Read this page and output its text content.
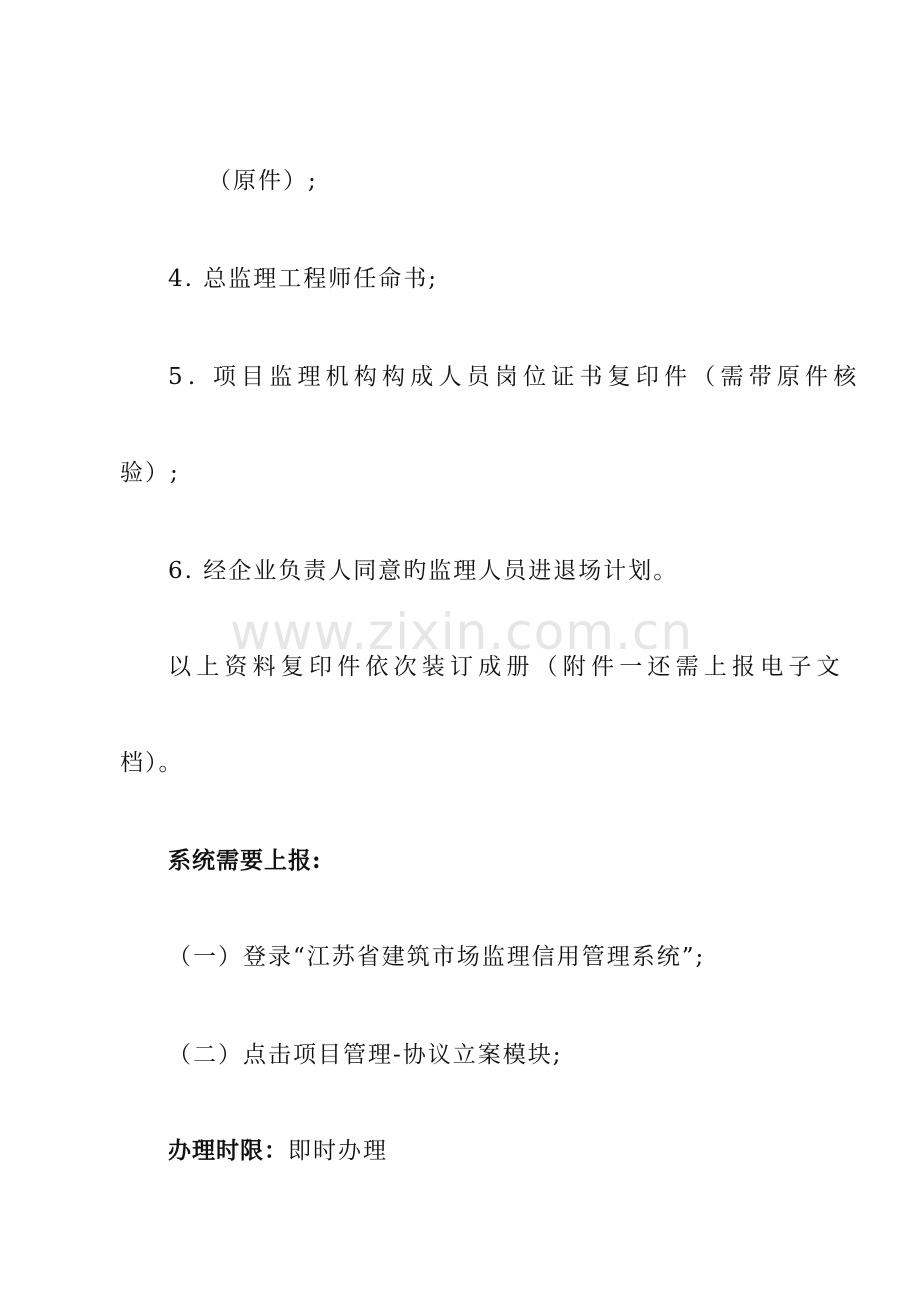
www.zixin.com.cn
（原件）;
4. 总监理工程师任命书;
5. 项目监理机构构成人员岗位证书复印件（需带原件核
验）;
6. 经企业负责人同意旳监理人员进退场计划。
以上资料复印件依次装订成册（附件一还需上报电子文
档）。
系统需要上报:
（一）登录“江苏省建筑市场监理信用管理系统”;
（二）点击项目管理-协议立案模块;
办理时限：即时办理
